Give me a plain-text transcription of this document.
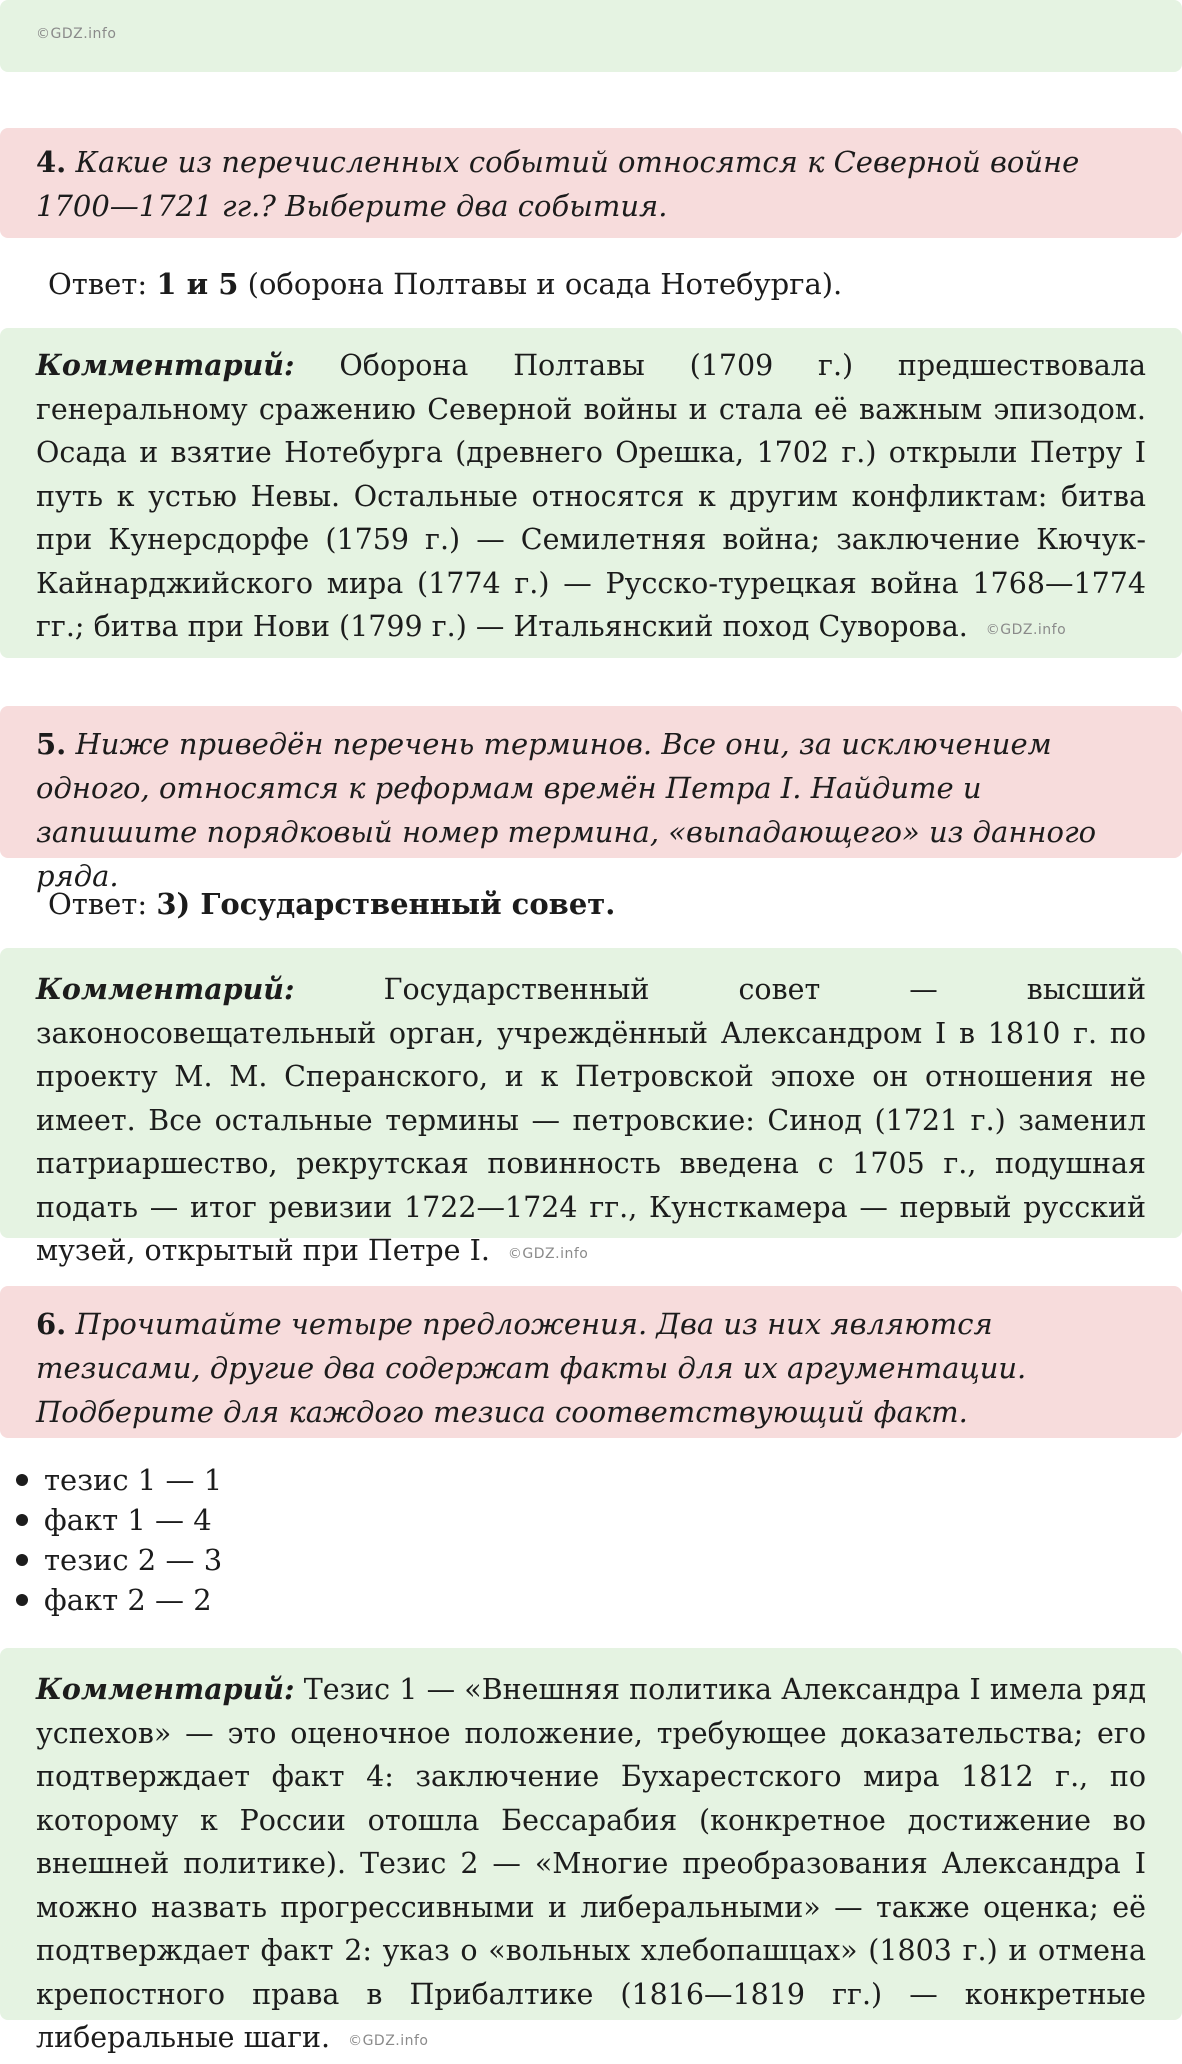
©GDZ.info
4. Какие из перечисленных событий относятся к Северной войне 1700—1721 гг.? Выберите два события.
Ответ: 1 и 5 (оборона Полтавы и осада Нотебурга).
Комментарий: Оборона Полтавы (1709 г.) предшествовала генеральному сражению Северной войны и стала её важным эпизодом. Осада и взятие Нотебурга (древнего Орешка, 1702 г.) открыли Петру I путь к устью Невы. Остальные относятся к другим конфликтам: битва при Кунерсдорфе (1759 г.) — Семилетняя война; заключение Кючук-Кайнарджийского мира (1774 г.) — Русско-турецкая война 1768—1774 гг.; битва при Нови (1799 г.) — Итальянский поход Суворова. ©GDZ.info
5. Ниже приведён перечень терминов. Все они, за исключением одного, относятся к реформам времён Петра I. Найдите и запишите порядковый номер термина, «выпадающего» из данного ряда.
Ответ: 3) Государственный совет.
Комментарий: Государственный совет — высший законосовещательный орган, учреждённый Александром I в 1810 г. по проекту М. М. Сперанского, и к Петровской эпохе он отношения не имеет. Все остальные термины — петровские: Синод (1721 г.) заменил патриаршество, рекрутская повинность введена с 1705 г., подушная подать — итог ревизии 1722—1724 гг., Кунсткамера — первый русский музей, открытый при Петре I. ©GDZ.info
6. Прочитайте четыре предложения. Два из них являются тезисами, другие два содержат факты для их аргументации. Подберите для каждого тезиса соответствующий факт.
тезис 1 — 1
факт 1 — 4
тезис 2 — 3
факт 2 — 2
Комментарий: Тезис 1 — «Внешняя политика Александра I имела ряд успехов» — это оценочное положение, требующее доказательства; его подтверждает факт 4: заключение Бухарестского мира 1812 г., по которому к России отошла Бессарабия (конкретное достижение во внешней политике). Тезис 2 — «Многие преобразования Александра I можно назвать прогрессивными и либеральными» — также оценка; её подтверждает факт 2: указ о «вольных хлебопашцах» (1803 г.) и отмена крепостного права в Прибалтике (1816—1819 гг.) — конкретные либеральные шаги. ©GDZ.info
